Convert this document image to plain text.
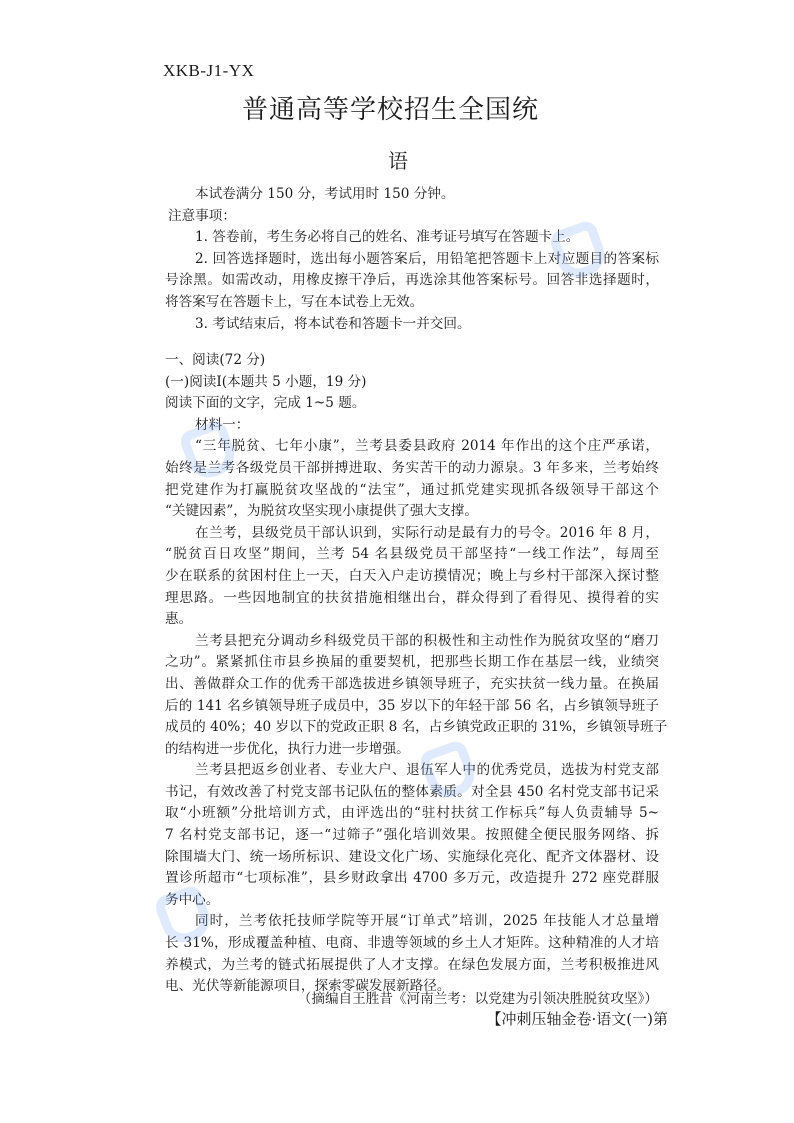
XKB-J1-YX
普通高等学校招生全国统
语
本试卷满分 150 分，考试用时 150 分钟。
注意事项：
1. 答卷前，考生务必将自己的姓名、准考证号填写在答题卡上。
2. 回答选择题时，选出每小题答案后，用铅笔把答题卡上对应题目的答案标
号涂黑。如需改动，用橡皮擦干净后，再选涂其他答案标号。回答非选择题时，
将答案写在答题卡上，写在本试卷上无效。
3. 考试结束后，将本试卷和答题卡一并交回。
一、阅读(72 分)
(一)阅读Ⅰ(本题共 5 小题，19 分)
阅读下面的文字，完成 1~5 题。
材料一：
“三年脱贫、七年小康”，兰考县委县政府 2014 年作出的这个庄严承诺，
始终是兰考各级党员干部拼搏进取、务实苦干的动力源泉。3 年多来，兰考始终
把党建作为打赢脱贫攻坚战的“法宝”，通过抓党建实现抓各级领导干部这个
“关键因素”，为脱贫攻坚实现小康提供了强大支撑。
在兰考，县级党员干部认识到，实际行动是最有力的号令。2016 年 8 月，
“脱贫百日攻坚”期间，兰考 54 名县级党员干部坚持“一线工作法”，每周至
少在联系的贫困村住上一天，白天入户走访摸情况；晚上与乡村干部深入探讨整
理思路。一些因地制宜的扶贫措施相继出台，群众得到了看得见、摸得着的实
惠。
兰考县把充分调动乡科级党员干部的积极性和主动性作为脱贫攻坚的“磨刀
之功”。紧紧抓住市县乡换届的重要契机，把那些长期工作在基层一线，业绩突
出、善做群众工作的优秀干部选拔进乡镇领导班子，充实扶贫一线力量。在换届
后的 141 名乡镇领导班子成员中，35 岁以下的年轻干部 56 名，占乡镇领导班子
成员的 40%；40 岁以下的党政正职 8 名，占乡镇党政正职的 31%，乡镇领导班子
的结构进一步优化，执行力进一步增强。
兰考县把返乡创业者、专业大户、退伍军人中的优秀党员，选拔为村党支部
书记，有效改善了村党支部书记队伍的整体素质。对全县 450 名村党支部书记采
取“小班额”分批培训方式，由评选出的“驻村扶贫工作标兵”每人负责辅导 5~
7 名村党支部书记，逐一“过筛子”强化培训效果。按照健全便民服务网络、拆
除围墙大门、统一场所标识、建设文化广场、实施绿化亮化、配齐文体器材、设
置诊所超市“七项标准”，县乡财政拿出 4700 多万元，改造提升 272 座党群服
务中心。
同时，兰考依托技师学院等开展“订单式”培训，2025 年技能人才总量增
长 31%，形成覆盖种植、电商、非遗等领域的乡土人才矩阵。这种精准的人才培
养模式，为兰考的链式拓展提供了人才支撑。在绿色发展方面，兰考积极推进风
电、光伏等新能源项目，探索零碳发展新路径。
（摘编自王胜昔《河南兰考：以党建为引领决胜脱贫攻坚》）
【冲刺压轴金卷·语文(一)第
